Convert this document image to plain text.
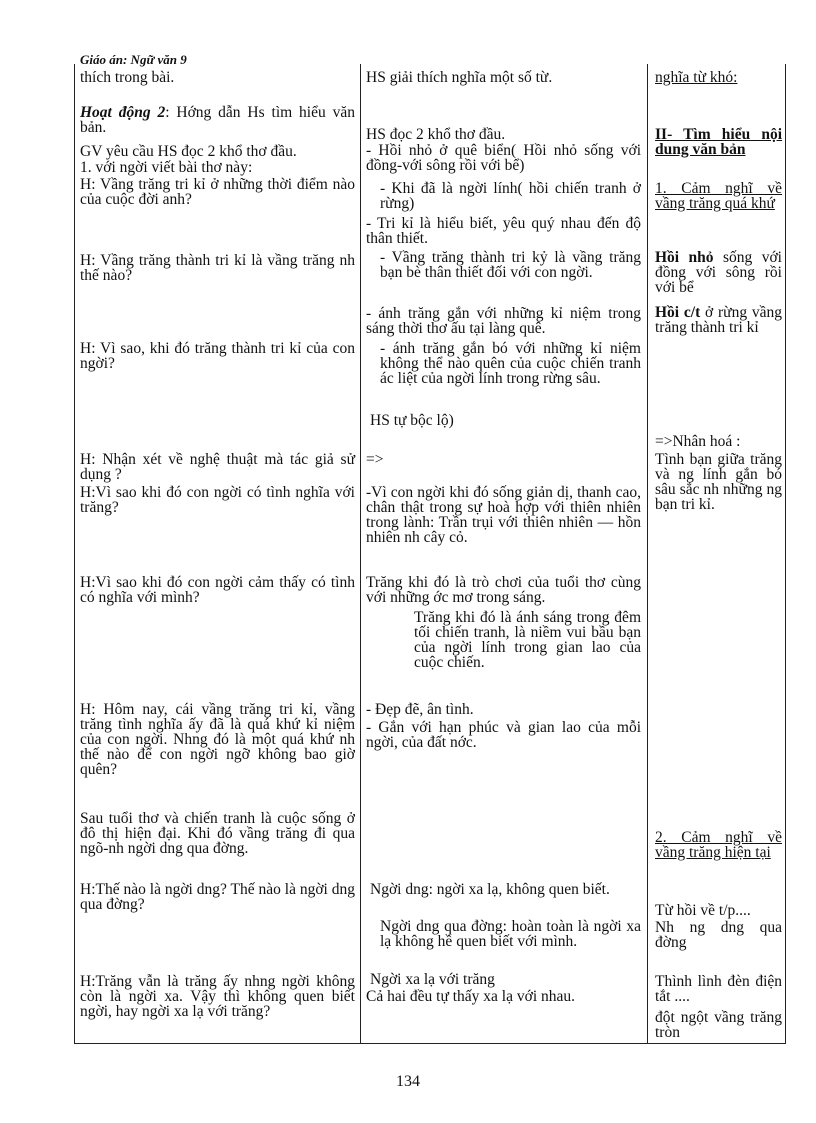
Giáo án: Ngữ văn 9
thích trong bài.
Hoạt động 2: Hớng dẫn Hs tìm hiểu văn bản.
GV yêu cầu HS đọc 2 khổ thơ đầu.
1. với ngời viết bài thơ này:
H: Vầng trăng tri kỉ ở những thời điểm nào của cuộc đời anh?
H: Vầng trăng thành tri kỉ là vầng trăng nh thế nào?
H: Vì sao, khi đó trăng thành tri kỉ của con ngời?
H: Nhận xét về nghệ thuật mà tác giả sử dụng ?
H:Vì sao khi đó con ngời có tình nghĩa với trăng?
H:Vì sao khi đó con ngời cảm thấy có tình có nghĩa với mình?
H: Hôm nay, cái vầng trăng tri kỉ, vầng trăng tình nghĩa ấy đã là quá khứ kỉ niệm của con ngời. Nhng đó là một quá khứ nh thế nào để con ngời ngỡ không bao giờ quên?
Sau tuổi thơ và chiến tranh là cuộc sống ở đô thị hiện đại. Khi đó vầng trăng đi qua ngõ-nh ngời dng qua đờng.
H:Thế nào là ngời dng? Thế nào là ngời dng qua đờng?
H:Trăng vẫn là trăng ấy nhng ngời không còn là ngời xa. Vậy thì không quen biết ngời, hay ngời xa lạ với trăng?
HS giải thích nghĩa một số từ.
HS đọc 2 khổ thơ đầu.
- Hồi nhỏ ở quê biển( Hồi nhỏ sống với đồng-với sông rồi với bể)
- Khi đã là ngời lính( hồi chiến tranh ở rừng)
- Tri kỉ là hiểu biết, yêu quý nhau đến độ thân thiết.
- Vầng trăng thành tri kỷ là vầng trăng bạn bè thân thiết đối với con ngời.
- ánh trăng gắn với những kỉ niệm trong sáng thời thơ ấu tại làng quê.
- ánh trăng gắn bó với những kỉ niệm không thể nào quên của cuộc chiến tranh ác liệt của ngời lính trong rừng sâu.
HS tự bộc lộ)
=>
-Vì con ngời khi đó sống giản dị, thanh cao, chân thật trong sự hoà hợp với thiên nhiên trong lành: Trần trụi với thiên nhiên — hồn nhiên nh cây cỏ.
Trăng khi đó là trò chơi của tuổi thơ cùng với những ớc mơ trong sáng.
Trăng khi đó là ánh sáng trong đêm tối chiến tranh, là niềm vui bầu bạn của ngời lính trong gian lao của cuộc chiến.
- Đẹp đẽ, ân tình.
- Gắn với hạn phúc và gian lao của mỗi ngời, của đất nớc.
Ngời dng: ngời xa lạ, không quen biết.
Ngời dng qua đờng: hoàn toàn là ngời xa lạ không hề quen biết với mình.
Ngời xa lạ với trăng
Cả hai đều tự thấy xa lạ với nhau.
nghĩa từ khó:
II- Tìm hiểu nội dung văn bản
1. Cảm nghĩ về vầng trăng quá khứ
Hồi nhỏ sống với đồng với sông rồi với bể
Hồi c/t ở rừng vầng trăng thành tri kỉ
=>Nhân hoá :
Tình bạn giữa trăng và ng lính gắn bó sâu sắc nh những ng bạn tri kỉ.
2. Cảm nghĩ về vầng trăng hiện tại
Từ hồi về t/p....
Nh ng dng qua đờng
Thình lình đèn điện tắt ....
đột ngột vầng trăng tròn
134
